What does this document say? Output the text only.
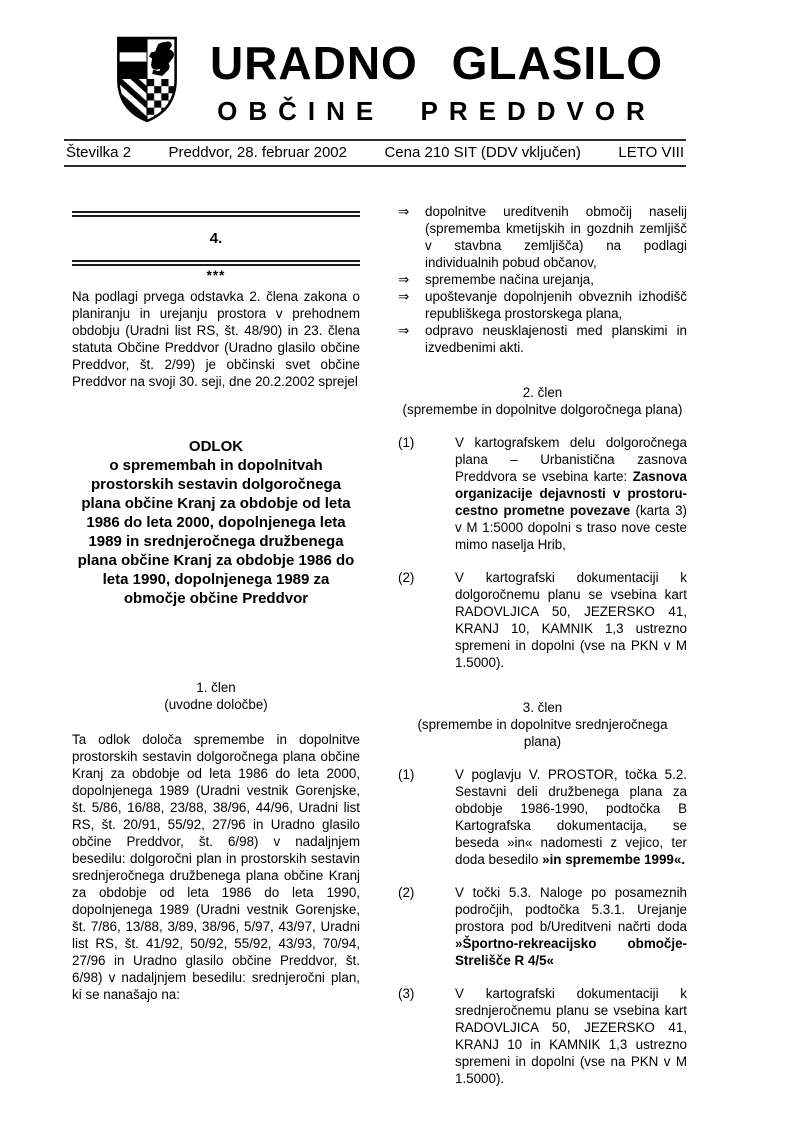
URADNO GLASILO
OBČINE PREDDVOR
Številka 2 Preddvor, 28. februar 2002 Cena 210 SIT (DDV vključen) LETO VIII
4.
***

Na podlagi prvega odstavka 2. člena zakona o planiranju in urejanju prostora v prehodnem obdobju (Uradni list RS, št. 48/90) in 23. člena statuta Občine Preddvor (Uradno glasilo občine Preddvor, št. 2/99) je občinski svet občine Preddvor na svoji 30. seji, dne 20.2.2002 sprejel

ODLOK
o spremembah in dopolnitvah prostorskih sestavin dolgoročnega plana občine Kranj za obdobje od leta 1986 do leta 2000, dopolnjenega leta 1989 in srednjeročnega družbenega plana občine Kranj za obdobje 1986 do leta 1990, dopolnjenega 1989 za območje občine Preddvor
1. člen
(uvodne določbe)

Ta odlok določa spremembe in dopolnitve prostorskih sestavin dolgoročnega plana občine Kranj za obdobje od leta 1986 do leta 2000, dopolnjenega 1989 (Uradni vestnik Gorenjske, št. 5/86, 16/88, 23/88, 38/96, 44/96, Uradni list RS, št. 20/91, 55/92, 27/96 in Uradno glasilo občine Preddvor, št. 6/98) v nadaljnjem besedilu: dolgoročni plan in prostorskih sestavin srednjeročnega družbenega plana občine Kranj za obdobje od leta 1986 do leta 1990, dopolnjenega 1989 (Uradni vestnik Gorenjske, št. 7/86, 13/88, 3/89, 38/96, 5/97, 43/97, Uradni list RS, št. 41/92, 50/92, 55/92, 43/93, 70/94, 27/96 in Uradno glasilo občine Preddvor, št. 6/98) v nadaljnjem besedilu: srednjeročni plan, ki se nanašajo na:

⇒	dopolnitve ureditvenih območij naselij (sprememba kmetijskih in gozdnih zemljišč v stavbna zemljišča) na podlagi individualnih pobud občanov,
⇒	spremembe načina urejanja,
⇒	upoštevanje dopolnjenih obveznih izhodišč republiškega prostorskega plana,
⇒	odpravo neusklajenosti med planskimi in izvedbenimi akti.
2. člen
(spremembe in dopolnitve dolgoročnega plana)
(1)	V kartografskem delu dolgoročnega plana – Urbanistična zasnova Preddvora se vsebina karte: Zasnova organizacije dejavnosti v prostoru-cestno prometne povezave (karta 3) v M 1:5000 dopolni s traso nove ceste mimo naselja Hrib,

(2)	V kartografski dokumentaciji k dolgoročnemu planu se vsebina kart RADOVLJICA 50, JEZERSKO 41, KRANJ 10, KAMNIK 1,3 ustrezno spremeni in dopolni (vse na PKN v M 1.5000).

3. člen
(spremembe in dopolnitve srednjeročnega plana)
(1)	V poglavju V. PROSTOR, točka 5.2. Sestavni deli družbenega plana za obdobje 1986-1990, podtočka B Kartografska dokumentacija, se beseda »in« nadomesti z vejico, ter doda besedilo »in spremembe 1999«.

(2)	V točki 5.3. Naloge po posameznih področjih, podtočka 5.3.1. Urejanje prostora pod b/Ureditveni načrti doda »Športno-rekreacijsko območje-Strelišče R 4/5«

(3)	V kartografski dokumentaciji k srednjeročnemu planu se vsebina kart RADOVLJICA 50, JEZERSKO 41, KRANJ 10 in KAMNIK 1,3 ustrezno spremeni in dopolni (vse na PKN v M 1.5000).
